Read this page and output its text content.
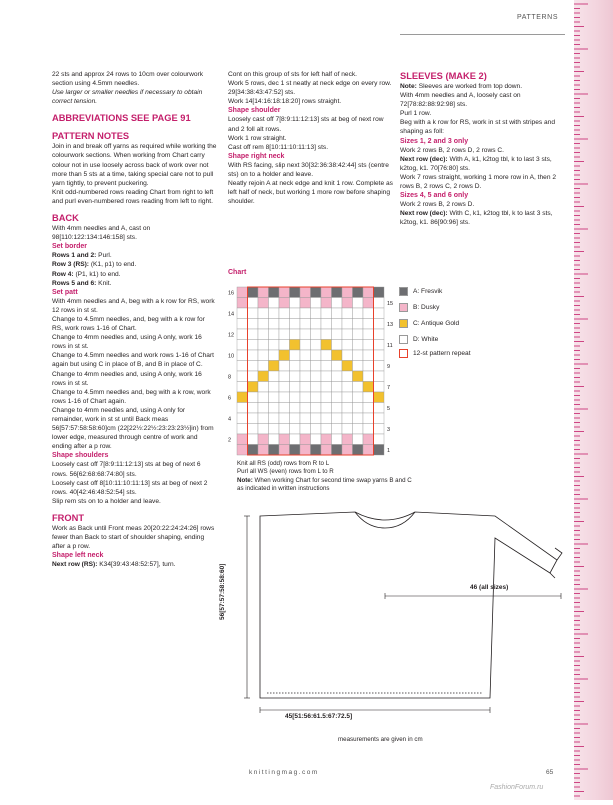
PATTERNS

22 sts and approx 24 rows to 10cm over colourwork section using 4.5mm needles.

Use larger or smaller needles if necessary to obtain correct tension.

ABBREVIATIONS SEE PAGE 91

PATTERN NOTES

Join in and break off yarns as required while working the colourwork sections. When working from Chart carry colour not in use loosely across back of work over not more than 5 sts at a time, taking special care not to pull yarn tightly, to prevent puckering.

Knit odd-numbered rows reading Chart from right to left and purl even-numbered rows reading from left to right.

BACK

With 4mm needles and A, cast on 98[110:122:134:146:158] sts.

Set border

Rows 1 and 2: Purl.

Row 3 (RS): (K1, p1) to end.

Row 4: (P1, k1) to end.

Rows 5 and 6: Knit.

Set patt

With 4mm needles and A, beg with a k row for RS, work 12 rows in st st.

Change to 4.5mm needles, and, beg with a k row for RS, work rows 1-16 of Chart.

Change to 4mm needles and, using A only, work 16 rows in st st.

Change to 4.5mm needles and work rows 1-16 of Chart again but using C in place of B, and B in place of C.

Change to 4mm needles and, using A only, work 16 rows in st st.

Change to 4.5mm needles and, beg with a k row, work rows 1-16 of Chart again.

Change to 4mm needles and, using A only for remainder, work in st st until Back meas 56[57:57:58:58:60]cm (22[22½:22½:23:23:23½]in) from lower edge, measured through centre of work and ending after a p row.

Shape shoulders

Loosely cast off 7[8:9:11:12:13] sts at beg of next 6 rows. 56[62:68:68:74:80] sts.

Loosely cast off 8[10:11:10:11:13] sts at beg of next 2 rows. 40[42:46:48:52:54] sts.

Slip rem sts on to a holder and leave.

FRONT

Work as Back until Front meas 20[20:22:24:24:26] rows fewer than Back to start of shoulder shaping, ending after a p row.

Shape left neck

Next row (RS): K34[39:43:48:52:57], turn.

Cont on this group of sts for left half of neck.

Work 5 rows, dec 1 st neatly at neck edge on every row. 29[34:38:43:47:52] sts.

Work 14[14:16:18:18:20] rows straight.

Shape shoulder

Loosely cast off 7[8:9:11:12:13] sts at beg of next row and 2 foll alt rows.

Work 1 row straight.

Cast off rem 8[10:11:10:11:13] sts.

Shape right neck

With RS facing, slip next 30[32:36:38:42:44] sts (centre sts) on to a holder and leave.

Neatly rejoin A at neck edge and knit 1 row. Complete as left half of neck, but working 1 more row before shaping shoulder.

SLEEVES (MAKE 2)

Note: Sleeves are worked from top down.

With 4mm needles and A, loosely cast on 72[78:82:88:92:98] sts.

Purl 1 row.

Beg with a k row for RS, work in st st with stripes and shaping as foll:

Sizes 1, 2 and 3 only

Work 2 rows B, 2 rows D, 2 rows C.

Next row (dec): With A, k1, k2tog tbl, k to last 3 sts, k2tog, k1. 70[76:80] sts.

Work 7 rows straight, working 1 more row in A, then 2 rows B, 2 rows C, 2 rows D.

Sizes 4, 5 and 6 only

Work 2 rows B, 2 rows D.

Next row (dec): With C, k1, k2tog tbl, k to last 3 sts, k2tog, k1. 86[90:96] sts.

Chart
16
15
14
13
12
11
10
9
8
7
6
5
4
3
2
1
A: Fresvik
B: Dusky
C: Antique Gold
D: White
12-st pattern repeat

Knit all RS (odd) rows from R to L

Purl all WS (even) rows from L to R

Note: When working Chart for second time swap yarns B and C as indicated in written instructions

46 (all sizes)
56[57:57:58:58:60]
45[51:56:61.5:67:72.5]
measurements are given in cm
knittingmag.com	65
FashionForum.ru
